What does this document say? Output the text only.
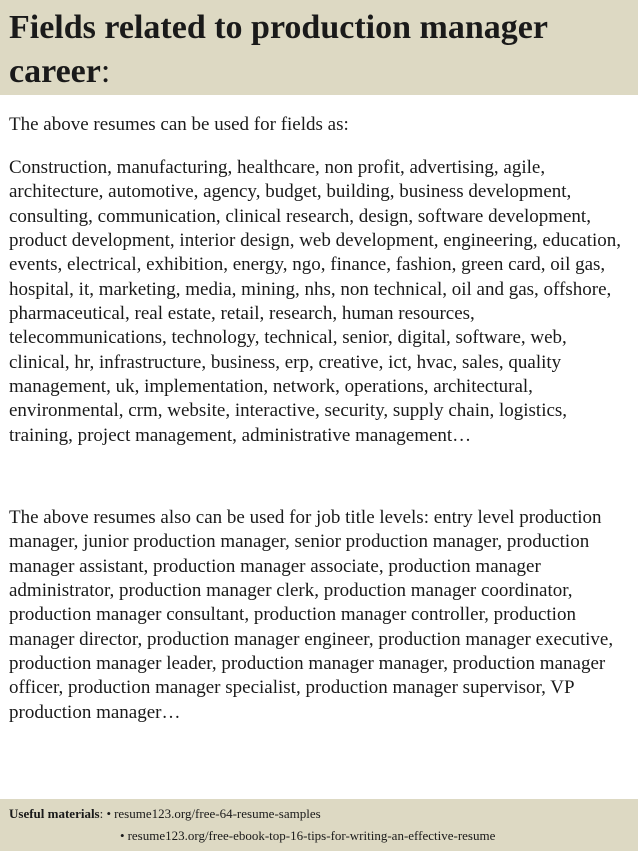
Fields related to production manager career:

The above resumes can be used for fields as:

Construction, manufacturing, healthcare, non profit, advertising, agile, architecture, automotive, agency, budget, building, business development, consulting, communication, clinical research, design, software development, product development, interior design, web development, engineering, education, events, electrical, exhibition, energy, ngo, finance, fashion, green card, oil gas, hospital, it, marketing, media, mining, nhs, non technical, oil and gas, offshore, pharmaceutical, real estate, retail, research, human resources, telecommunications, technology, technical, senior, digital, software, web, clinical, hr, infrastructure, business, erp, creative, ict, hvac, sales, quality management, uk, implementation, network, operations, architectural, environmental, crm, website, interactive, security, supply chain, logistics, training, project management, administrative management…

The above resumes also can be used for job title levels: entry level production manager, junior production manager, senior production manager, production manager assistant, production manager associate, production manager administrator, production manager clerk, production manager coordinator, production manager consultant, production manager controller, production manager director, production manager engineer, production manager executive, production manager leader, production manager manager, production manager officer, production manager specialist, production manager supervisor, VP production manager…

Useful materials: • resume123.org/free-64-resume-samples
• resume123.org/free-ebook-top-16-tips-for-writing-an-effective-resume
